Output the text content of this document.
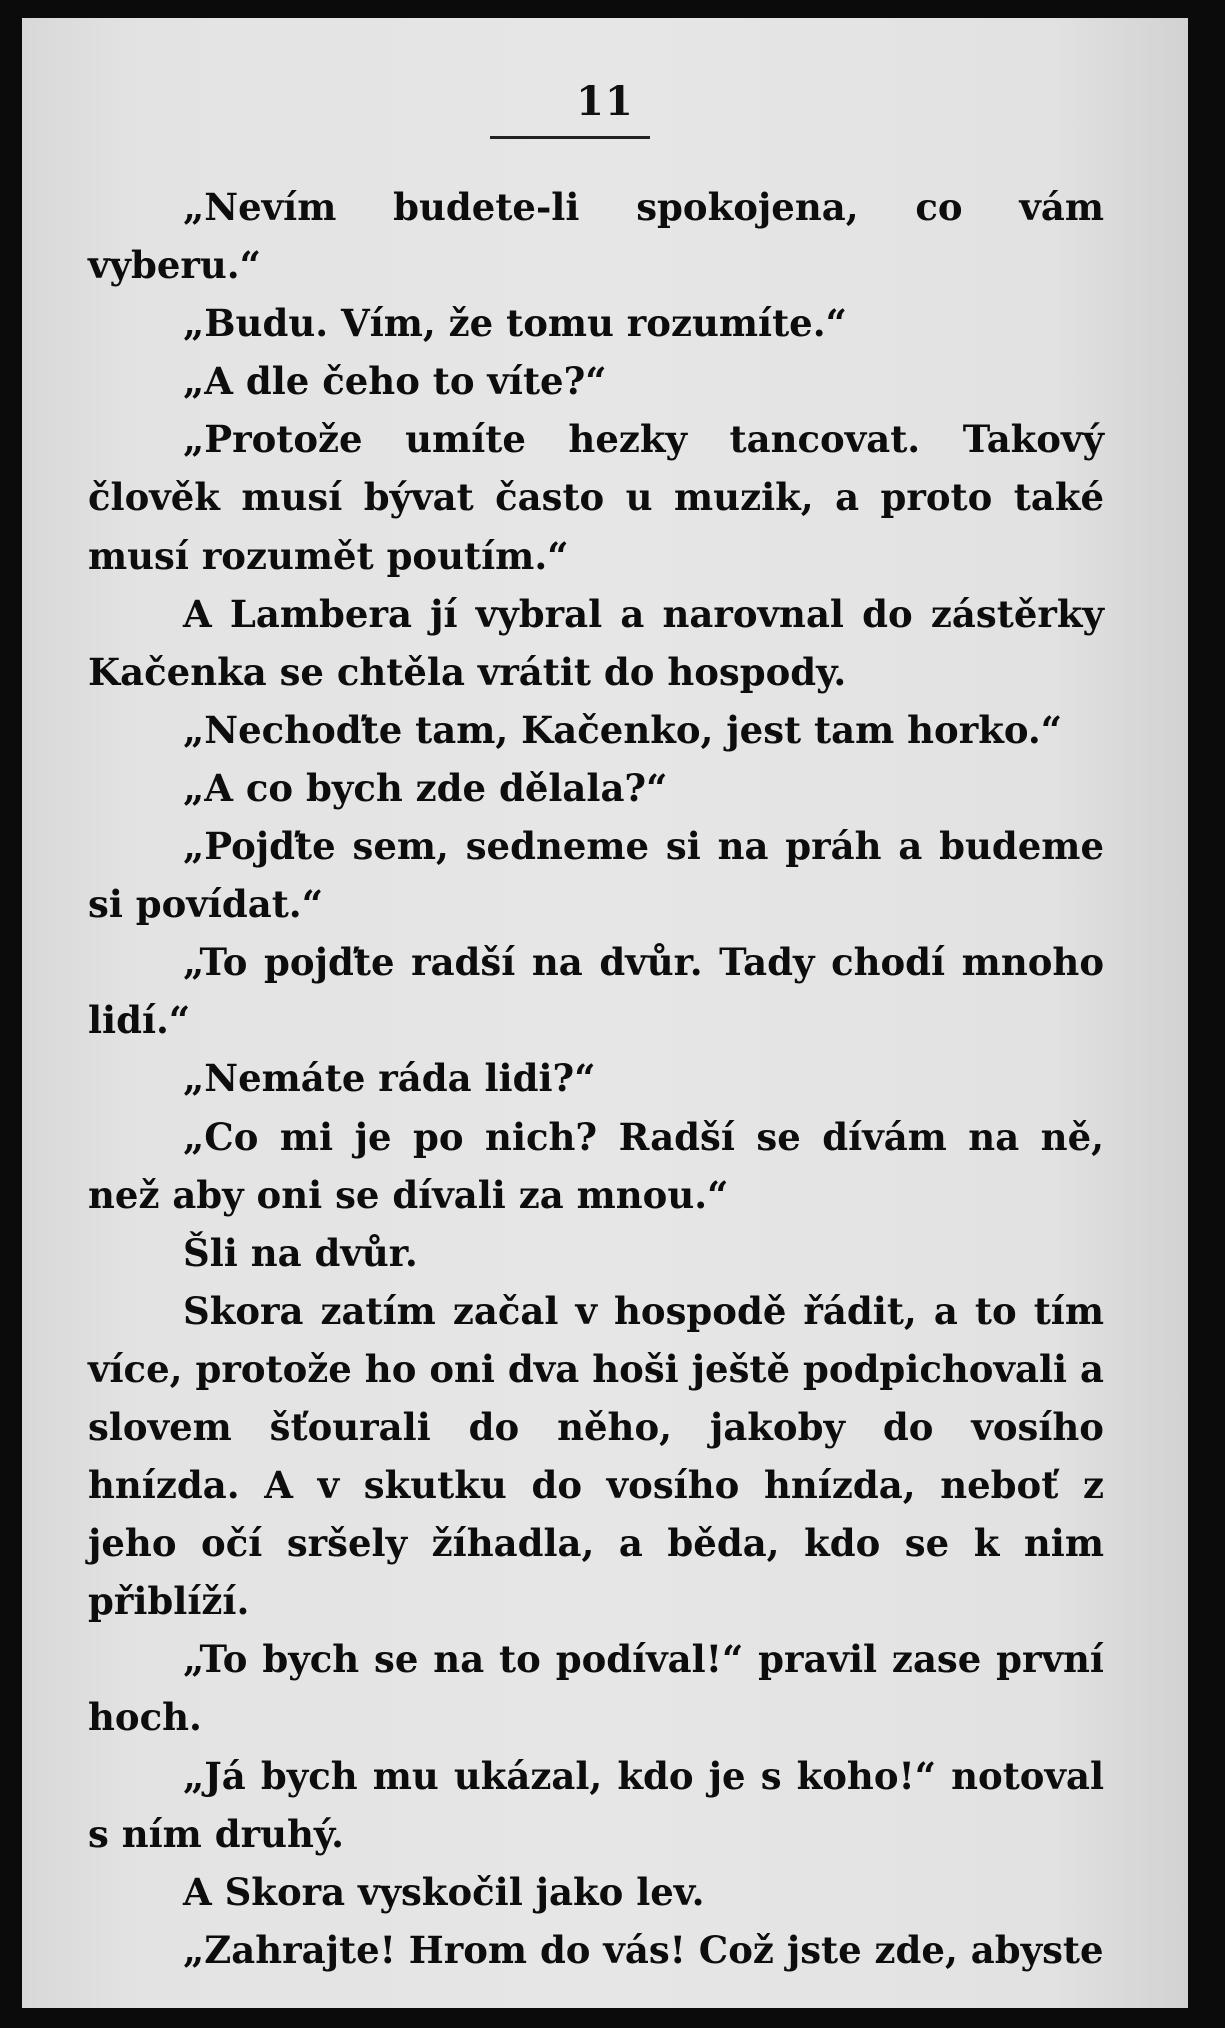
11

„Nevím budete-li spokojena, co vám vyberu.“

„Budu. Vím, že tomu rozumíte.“

„A dle čeho to víte?“

„Protože umíte hezky tancovat. Takový člověk musí bývat často u muzik, a proto také musí rozumět poutím.“

A Lambera jí vybral a narovnal do zástěrky Kačenka se chtěla vrátit do hospody.

„Nechoďte tam, Kačenko, jest tam horko.“

„A co bych zde dělala?“

„Pojďte sem, sedneme si na práh a budeme si povídat.“

„To pojďte radší na dvůr. Tady chodí mnoho lidí.“

„Nemáte ráda lidi?“

„Co mi je po nich? Radší se dívám na ně, než aby oni se dívali za mnou.“

Šli na dvůr.

Skora zatím začal v hospodě řádit, a to tím více, protože ho oni dva hoši ještě podpichovali a slovem šťourali do něho, jakoby do vosího hnízda. A v skutku do vosího hnízda, neboť z jeho očí sršely žíhadla, a běda, kdo se k nim přiblíží.

„To bych se na to podíval!“ pravil zase první hoch.

„Já bych mu ukázal, kdo je s koho!“ notoval s ním druhý.

A Skora vyskočil jako lev.

„Zahrajte! Hrom do vás! Což jste zde, abyste
